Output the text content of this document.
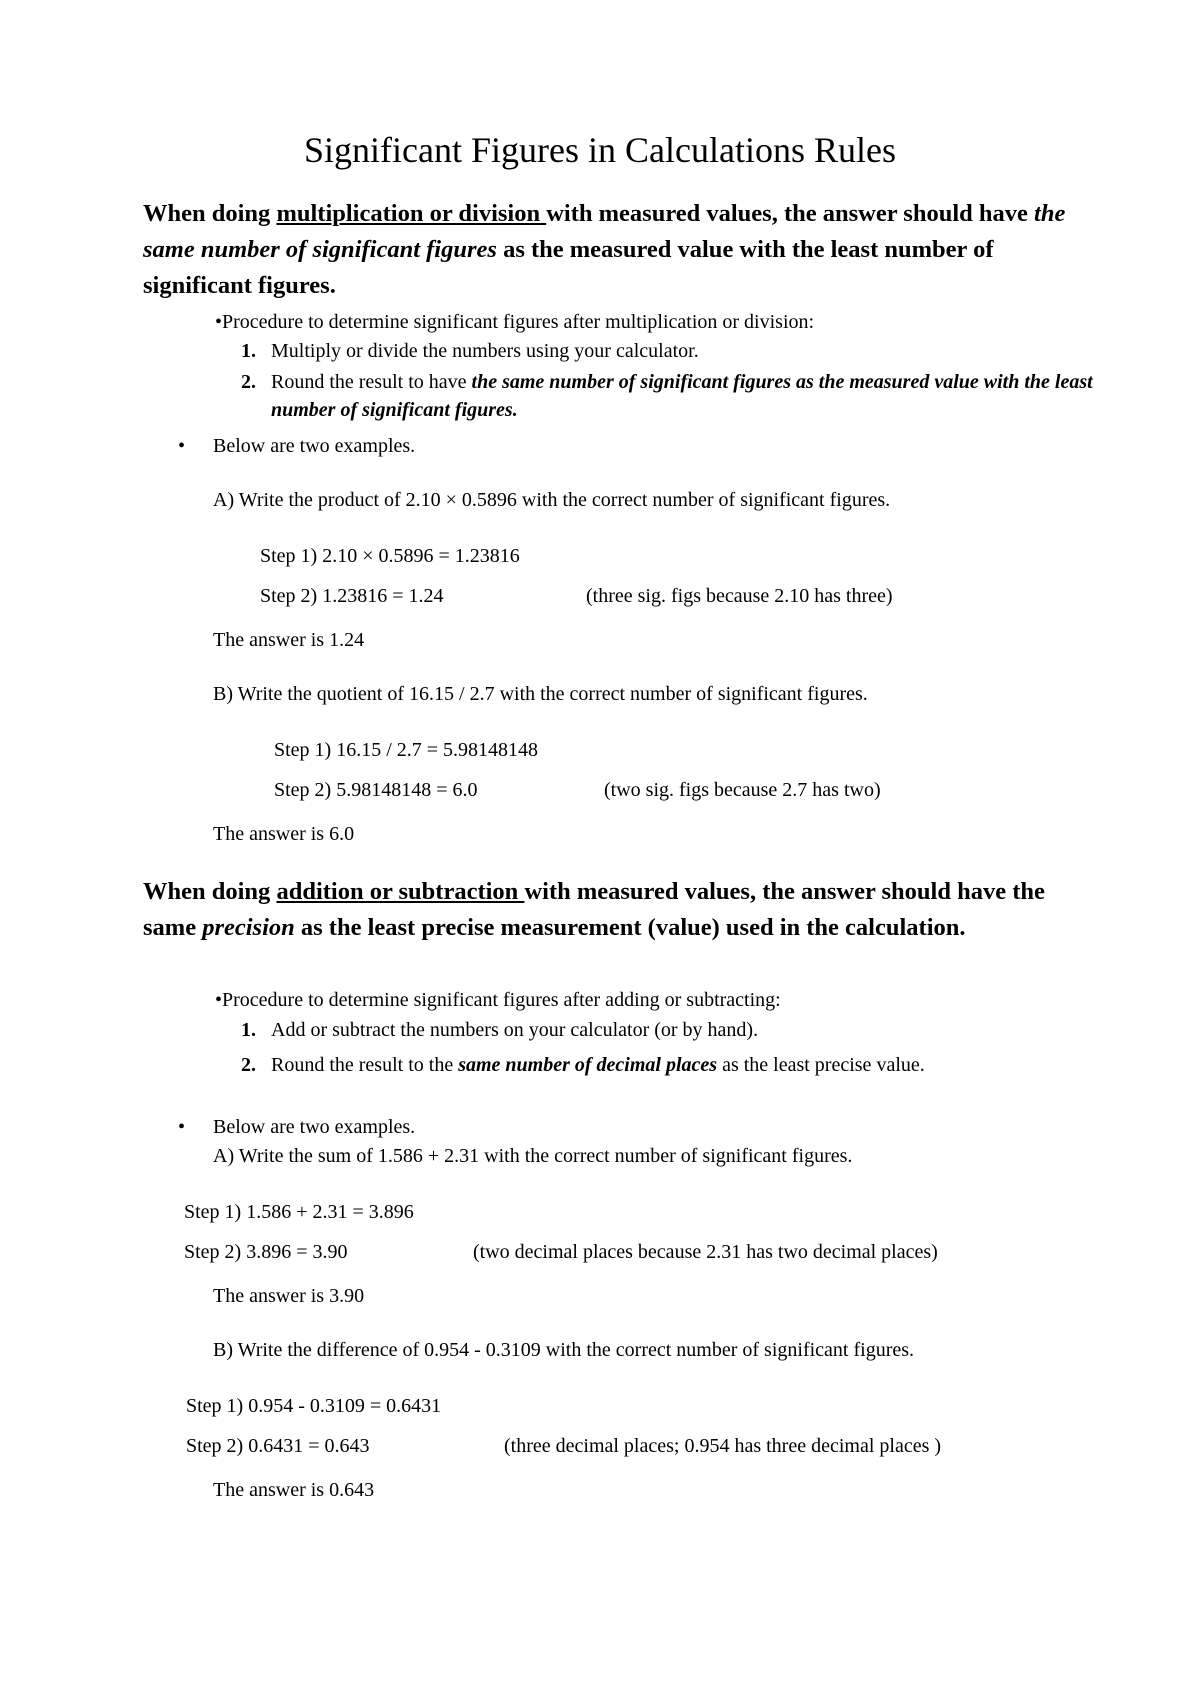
Significant Figures in Calculations Rules

When doing multiplication or division with measured values, the answer should have the same number of significant figures as the measured value with the least number of significant figures.

•Procedure to determine significant figures after multiplication or division:

1. Multiply or divide the numbers using your calculator.

2. Round the result to have the same number of significant figures as the measured value with the least number of significant figures.
• Below are two examples.

A) Write the product of 2.10 × 0.5896 with the correct number of significant figures.

Step 1) 2.10 × 0.5896 = 1.23816

Step 2) 1.23816 = 1.24	(three sig. figs because 2.10 has three)

The answer is 1.24

B) Write the quotient of 16.15 / 2.7 with the correct number of significant figures.

Step 1) 16.15 / 2.7 = 5.98148148

Step 2) 5.98148148 = 6.0	(two sig. figs because 2.7 has two)

The answer is 6.0

When doing addition or subtraction with measured values, the answer should have the same precision as the least precise measurement (value) used in the calculation.

•Procedure to determine significant figures after adding or subtracting:

1. Add or subtract the numbers on your calculator (or by hand).

2. Round the result to the same number of decimal places as the least precise value.

• Below are two examples.

A) Write the sum of 1.586 + 2.31 with the correct number of significant figures.

Step 1) 1.586 + 2.31 = 3.896

Step 2) 3.896 = 3.90	(two decimal places because 2.31 has two decimal places)

The answer is 3.90

B) Write the difference of 0.954 - 0.3109 with the correct number of significant figures.

Step 1) 0.954 - 0.3109 = 0.6431

Step 2) 0.6431 = 0.643	(three decimal places; 0.954 has three decimal places )

The answer is 0.643
